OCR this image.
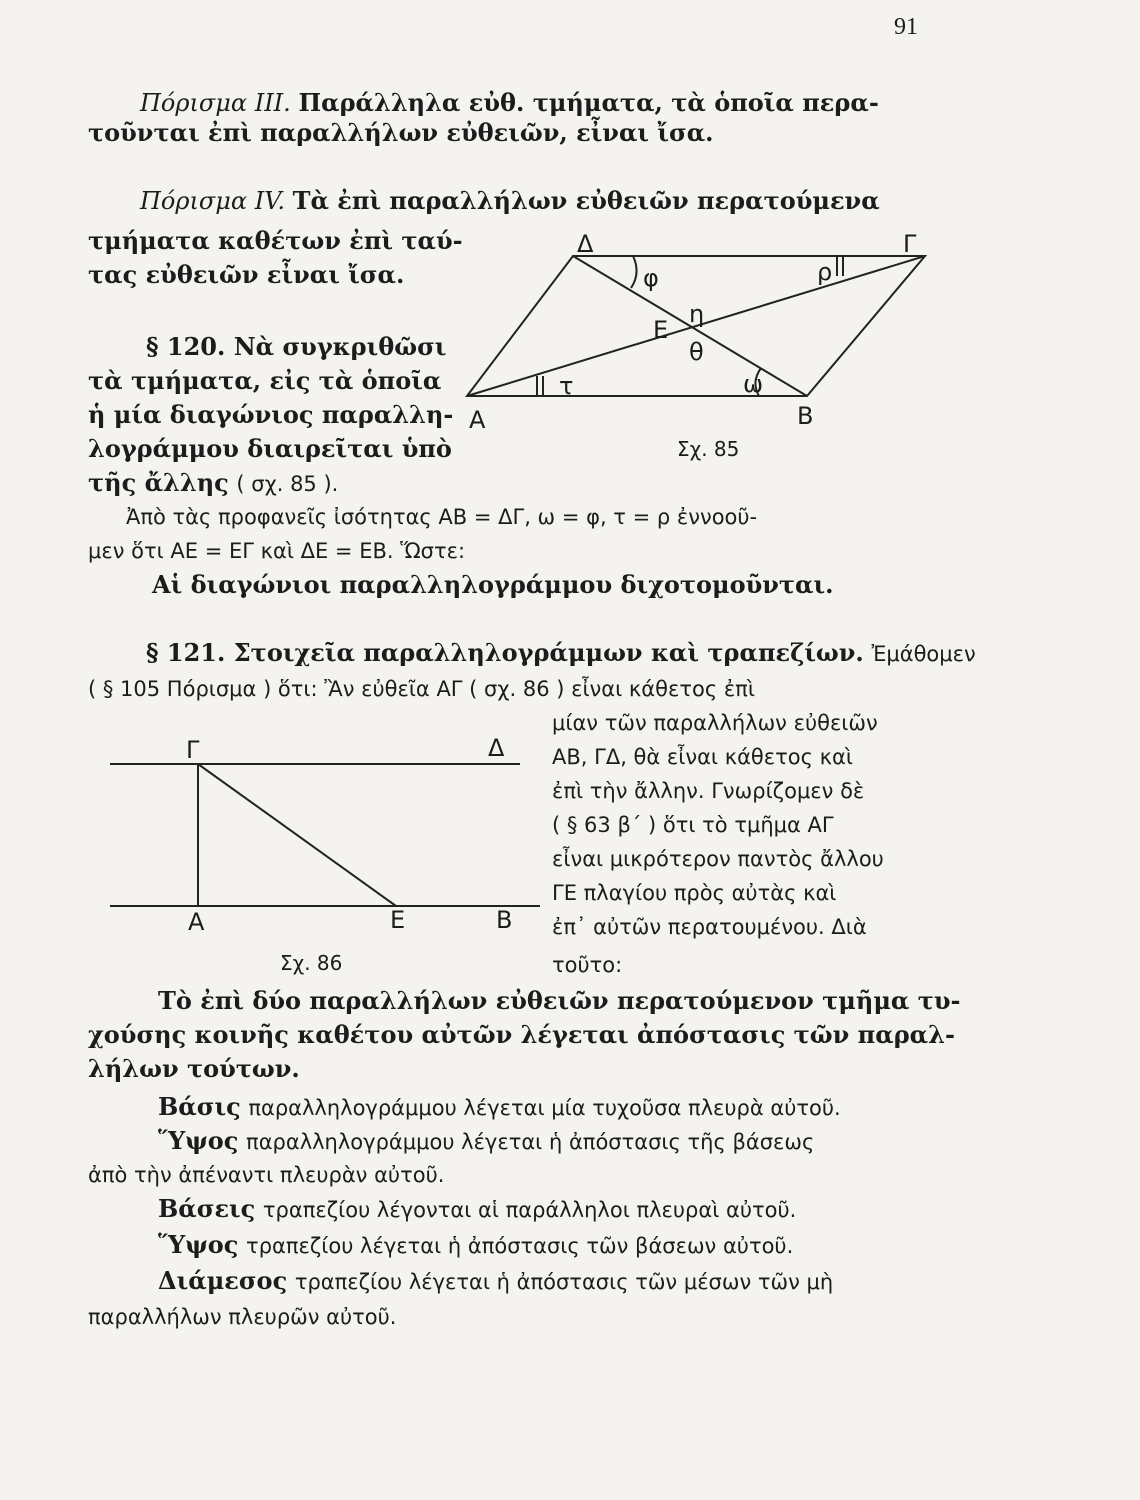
91
Πόρισμα III. Παράλληλα εὐθ. τμήματα, τὰ ὁποῖα περα-
τοῦνται ἐπὶ παραλλήλων εὐθειῶν, εἶναι ἴσα.
Πόρισμα IV. Τὰ ἐπὶ παραλλήλων εὐθειῶν περατούμενα
τμήματα καθέτων ἐπὶ ταύ-
τας εὐθειῶν εἶναι ἴσα.
Δ	Γ
Α	Β
Ε
φ	ρ
η
θ
τ	ω
Σχ. 85
§ 120. Νὰ συγκριθῶσι
τὰ τμήματα, εἰς τὰ ὁποῖα
ἡ μία διαγώνιος παραλλη-
λογράμμου διαιρεῖται ὑπὸ
τῆς ἄλλης ( σχ. 85 ).
Ἀπὸ τὰς προφανεῖς ἰσότητας ΑΒ = ΔΓ, ω = φ, τ = ρ ἐννοοῦ-
μεν ὅτι ΑΕ = ΕΓ καὶ ΔΕ = ΕΒ. Ὥστε:
Αἱ διαγώνιοι παραλληλογράμμου διχοτομοῦνται.
§ 121. Στοιχεῖα παραλληλογράμμων καὶ τραπεζίων. Ἐμάθομεν
( § 105 Πόρισμα ) ὅτι: Ἂν εὐθεῖα ΑΓ ( σχ. 86 ) εἶναι κάθετος ἐπὶ
μίαν τῶν παραλλήλων εὐθειῶν
ΑΒ, ΓΔ, θὰ εἶναι κάθετος καὶ
ἐπὶ τὴν ἄλλην. Γνωρίζομεν δὲ
( § 63 β΄ ) ὅτι τὸ τμῆμα ΑΓ
εἶναι μικρότερον παντὸς ἄλλου
ΓΕ πλαγίου πρὸς αὐτὰς καὶ
ἐπ᾽ αὐτῶν περατουμένου. Διὰ
τοῦτο:
Γ	Δ
Α	Ε	Β
Σχ. 86
Τὸ ἐπὶ δύο παραλλήλων εὐθειῶν περατούμενον τμῆμα τυ-
χούσης κοινῆς καθέτου αὐτῶν λέγεται ἀπόστασις τῶν παραλ-
λήλων τούτων.
Βάσις παραλληλογράμμου λέγεται μία τυχοῦσα πλευρὰ αὐτοῦ.
Ὕψος παραλληλογράμμου λέγεται ἡ ἀπόστασις τῆς βάσεως
ἀπὸ τὴν ἀπέναντι πλευρὰν αὐτοῦ.
Βάσεις τραπεζίου λέγονται αἱ παράλληλοι πλευραὶ αὐτοῦ.
Ὕψος τραπεζίου λέγεται ἡ ἀπόστασις τῶν βάσεων αὐτοῦ.
Διάμεσος τραπεζίου λέγεται ἡ ἀπόστασις τῶν μέσων τῶν μὴ
παραλλήλων πλευρῶν αὐτοῦ.
